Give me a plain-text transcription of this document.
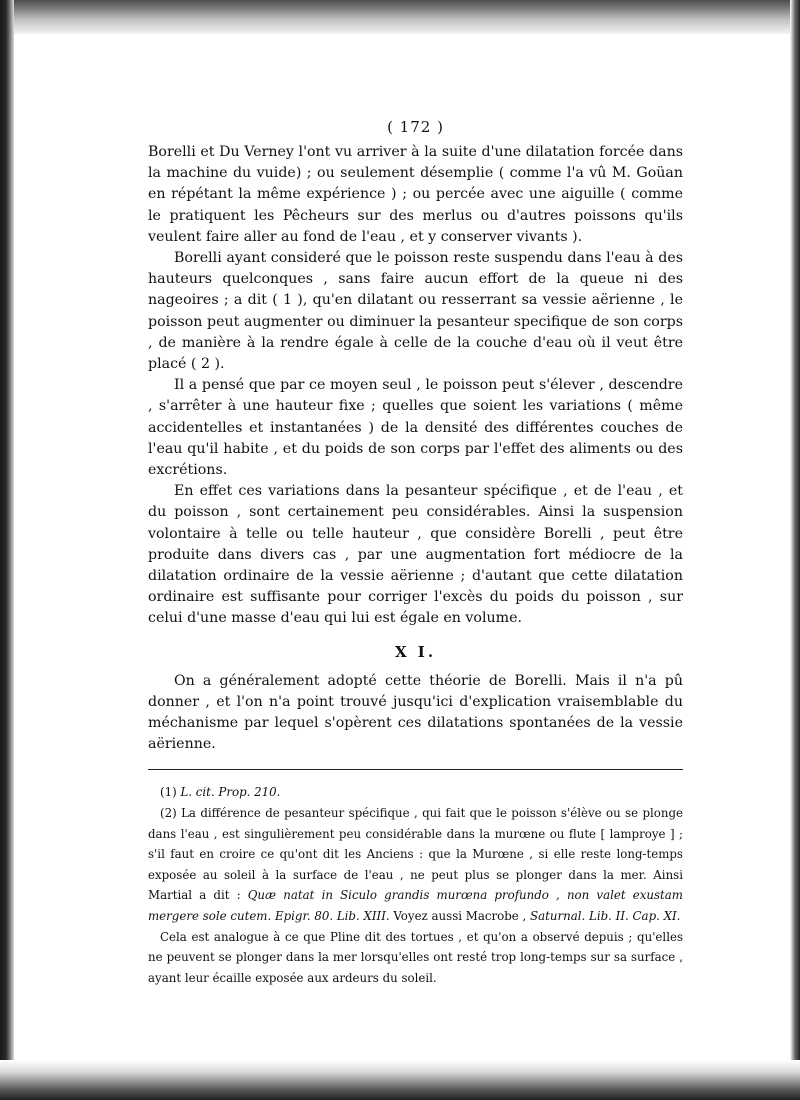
( 172 )

Borelli et Du Verney l'ont vu arriver à la suite d'une dilatation forcée dans la machine du vuide) ; ou seulement désemplie ( comme l'a vû M. Goüan en répétant la même expérience ) ; ou percée avec une aiguille ( comme le pratiquent les Pêcheurs sur des merlus ou d'autres poissons qu'ils veulent faire aller au fond de l'eau , et y conserver vivants ).

Borelli ayant consideré que le poisson reste suspendu dans l'eau à des hauteurs quelconques , sans faire aucun effort de la queue ni des nageoires ; a dit ( 1 ), qu'en dilatant ou resserrant sa vessie aërienne , le poisson peut augmenter ou diminuer la pesanteur specifique de son corps , de manière à la rendre égale à celle de la couche d'eau où il veut être placé ( 2 ).

Il a pensé que par ce moyen seul , le poisson peut s'élever , descendre , s'arrêter à une hauteur fixe ; quelles que soient les variations ( même accidentelles et instantanées ) de la densité des différentes couches de l'eau qu'il habite , et du poids de son corps par l'effet des aliments ou des excrétions.

En effet ces variations dans la pesanteur spécifique , et de l'eau , et du poisson , sont certainement peu considérables. Ainsi la suspension volontaire à telle ou telle hauteur , que considère Borelli , peut être produite dans divers cas , par une augmentation fort médiocre de la dilatation ordinaire de la vessie aërienne ; d'autant que cette dilatation ordinaire est suffisante pour corriger l'excès du poids du poisson , sur celui d'une masse d'eau qui lui est égale en volume.

X I.

On a généralement adopté cette théorie de Borelli. Mais il n'a pû donner , et l'on n'a point trouvé jusqu'ici d'explication vraisemblable du méchanisme par lequel s'opèrent ces dilatations spontanées de la vessie aërienne.

(1) L. cit. Prop. 210.

(2) La différence de pesanteur spécifique , qui fait que le poisson s'élève ou se plonge dans l'eau , est singulièrement peu considérable dans la murœne ou flute [ lamproye ] ; s'il faut en croire ce qu'ont dit les Anciens : que la Murœne , si elle reste long-temps exposée au soleil à la surface de l'eau , ne peut plus se plonger dans la mer. Ainsi Martial a dit : Quæ natat in Siculo grandis murœna profundo , non valet exustam mergere sole cutem. Epigr. 80. Lib. XIII. Voyez aussi Macrobe , Saturnal. Lib. II. Cap. XI.

Cela est analogue à ce que Pline dit des tortues , et qu'on a observé depuis ; qu'elles ne peuvent se plonger dans la mer lorsqu'elles ont resté trop long-temps sur sa surface , ayant leur écaille exposée aux ardeurs du soleil.
